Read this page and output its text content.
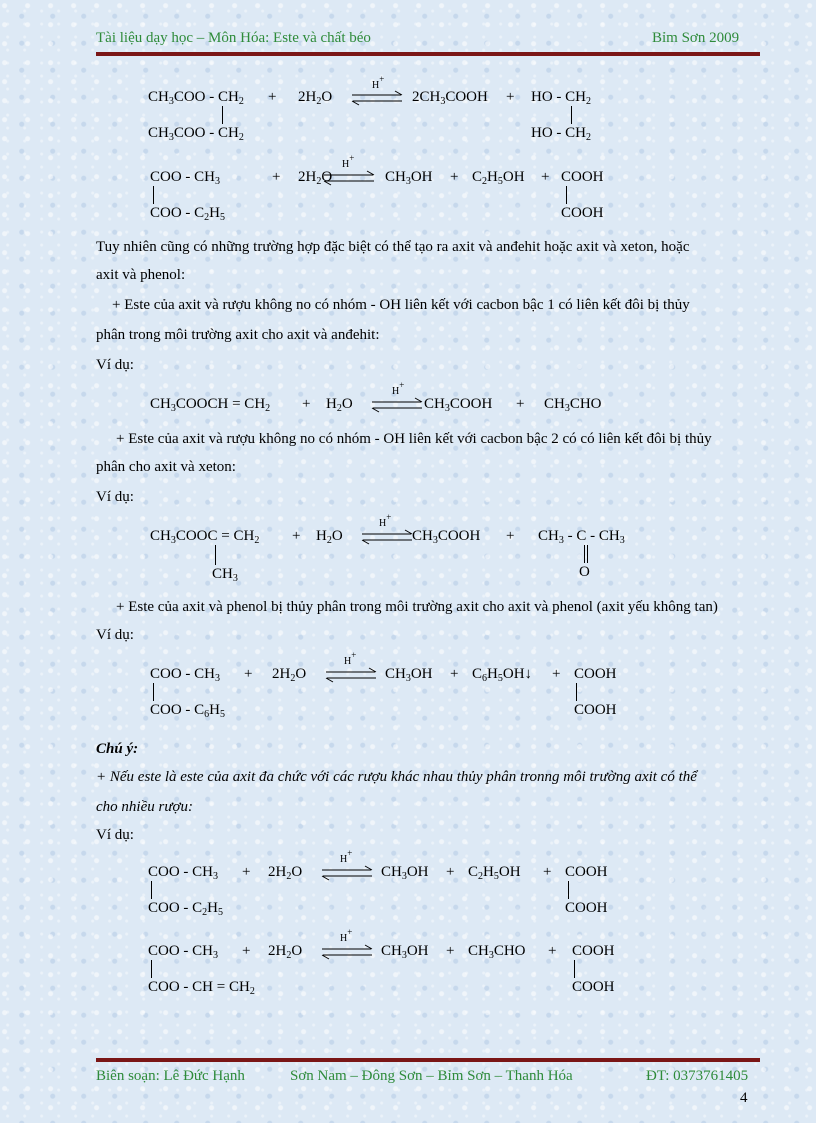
Tài liệu dạy học – Môn Hóa: Este và chất béo	Bỉm Sơn 2009
$CH_3COO - CH_2$
$CH_3COO - CH_2$
+ $2H_2O$
H+
$2CH_3COOH$ + HO - $CH_2$
HO - $CH_2$
COO - $CH_3$
COO - $C_2H_5$
+ $2H_2O$
H+
$CH_3OH + C_2H_5OH$ + COOH
COOH
Tuy nhiên cũng có những trường hợp đặc biệt có thể tạo ra axit và anđehit hoặc axit và xeton, hoặc
axit và phenol:
+ Este của axit và rượu không no có nhóm - OH liên kết với cacbon bậc 1 có liên kết đôi bị thủy
phân trong môi trường axit cho axit và anđehit:
Ví dụ:
$CH_3COOCH = CH_2 + H_2O$
H+
$CH_3COOH + CH_3CHO$
+ Este của axit và rượu không no có nhóm - OH liên kết với cacbon bậc 2 có có liên kết đôi bị thủy
phân cho axit và xeton:
Ví dụ:
$CH_3COOC = CH_2$
$CH_3$
+ $H_2O$
H+
$CH_3COOH + CH_3 - C - CH_3$
O
+ Este của axit và phenol bị thủy phân trong môi trường axit cho axit và phenol (axit yếu không tan)
Ví dụ:
COO - $CH_3$
COO - $C_6H_5$
+ $2H_2O$
H+
$CH_3OH$ + $C_6H_5OH↓$ + COOH
COOH
Chú ý:
+ Nếu este là este của axit đa chức với các rượu khác nhau thủy phân tronng môi trường axit có thể
cho nhiều rượu:
Ví dụ:
COO - $CH_3$
COO - $C_2H_5$
+ $2H_2O$
H+
$CH_3OH + C_2H_5OH$ + COOH
COOH
COO - $CH_3$
COO - CH = $CH_2$
+ $2H_2O$
H+
$CH_3OH + CH_3CHO$ + COOH
COOH
Biên soạn: Lê Đức Hạnh	Sơn Nam – Đông Sơn – Bỉm Sơn – Thanh Hóa	ĐT: 0373761405
4
